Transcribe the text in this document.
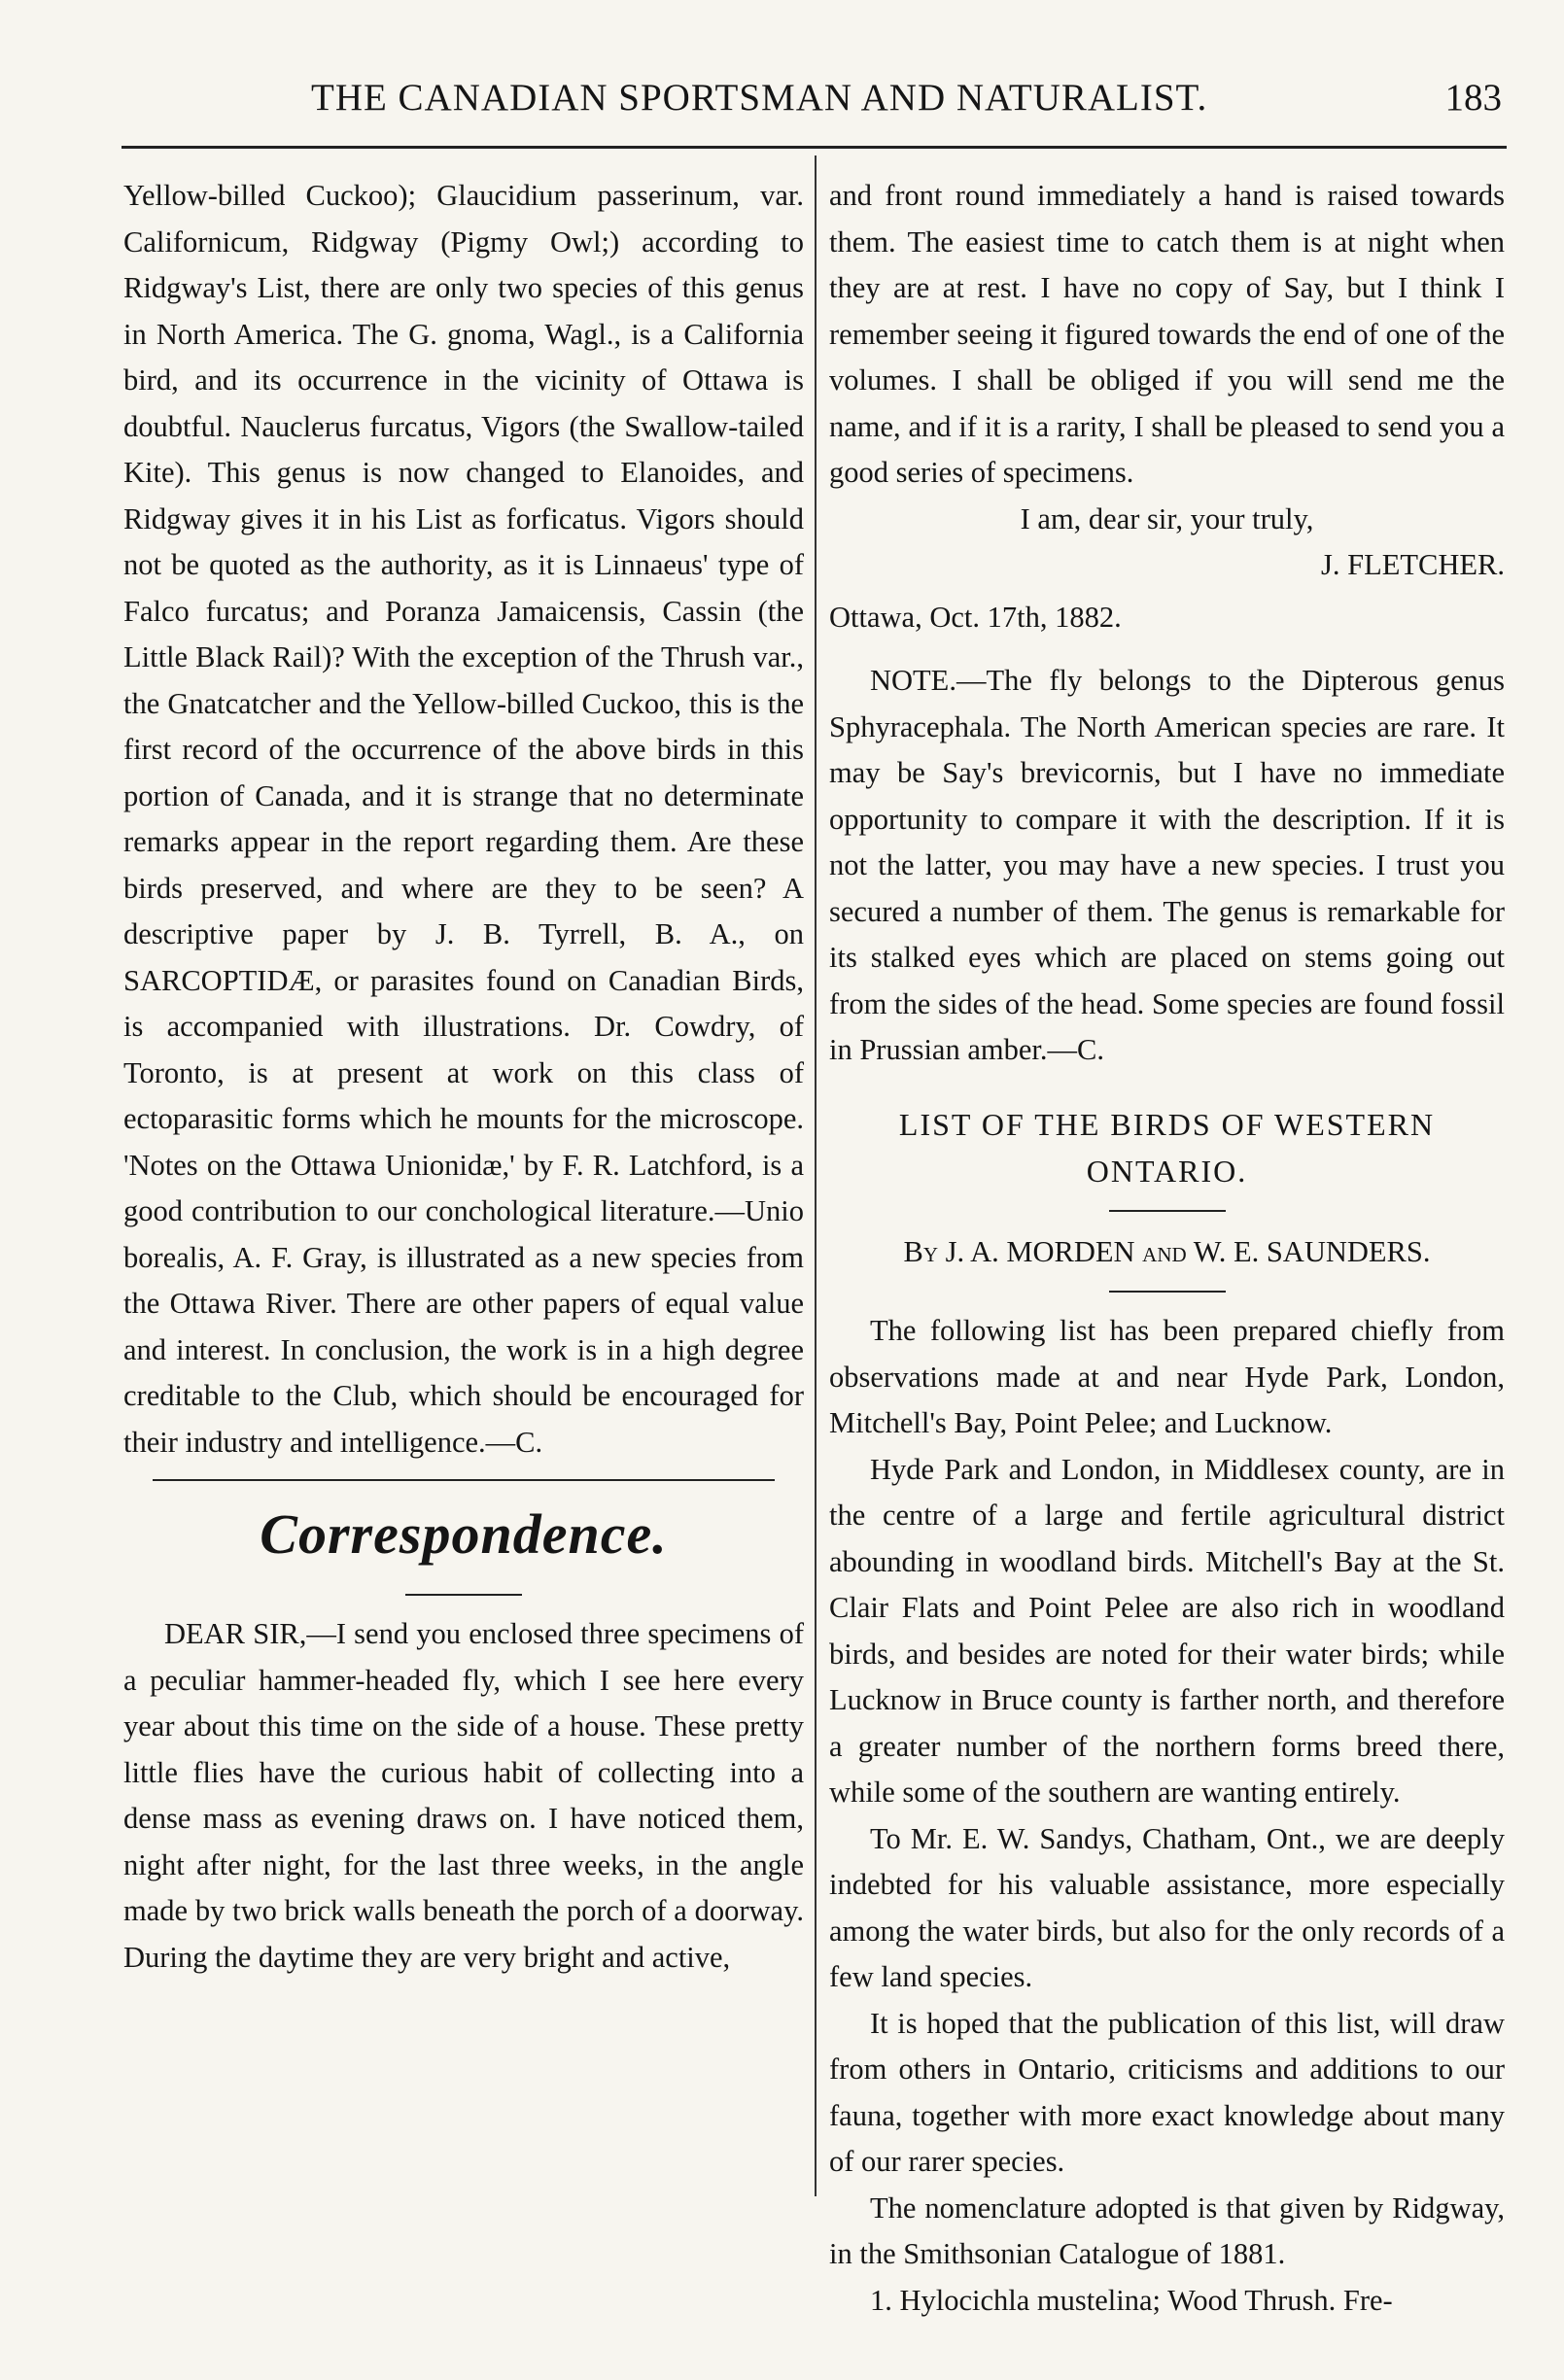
THE CANADIAN SPORTSMAN AND NATURALIST.	183

Yellow-billed Cuckoo); Glaucidium passerinum, var. Californicum, Ridgway (Pigmy Owl;) according to Ridgway's List, there are only two species of this genus in North America. The G. gnoma, Wagl., is a California bird, and its occurrence in the vicinity of Ottawa is doubtful. Nauclerus furcatus, Vigors (the Swallow-tailed Kite). This genus is now changed to Elanoides, and Ridgway gives it in his List as forficatus. Vigors should not be quoted as the authority, as it is Linnaeus' type of Falco furcatus; and Poranza Jamaicensis, Cassin (the Little Black Rail)? With the exception of the Thrush var., the Gnatcatcher and the Yellow-billed Cuckoo, this is the first record of the occurrence of the above birds in this portion of Canada, and it is strange that no determinate remarks appear in the report regarding them. Are these birds preserved, and where are they to be seen? A descriptive paper by J. B. Tyrrell, B. A., on SARCOPTIDÆ, or parasites found on Canadian Birds, is accompanied with illustrations. Dr. Cowdry, of Toronto, is at present at work on this class of ectoparasitic forms which he mounts for the microscope. 'Notes on the Ottawa Unionidæ,' by F. R. Latchford, is a good contribution to our conchological literature.—Unio borealis, A. F. Gray, is illustrated as a new species from the Ottawa River. There are other papers of equal value and interest. In conclusion, the work is in a high degree creditable to the Club, which should be encouraged for their industry and intelligence.—C.

Correspondence.

DEAR SIR,—I send you enclosed three specimens of a peculiar hammer-headed fly, which I see here every year about this time on the side of a house. These pretty little flies have the curious habit of collecting into a dense mass as evening draws on. I have noticed them, night after night, for the last three weeks, in the angle made by two brick walls beneath the porch of a doorway. During the daytime they are very bright and active,

and front round immediately a hand is raised towards them. The easiest time to catch them is at night when they are at rest. I have no copy of Say, but I think I remember seeing it figured towards the end of one of the volumes. I shall be obliged if you will send me the name, and if it is a rarity, I shall be pleased to send you a good series of specimens.

I am, dear sir, your truly,

J. FLETCHER.

Ottawa, Oct. 17th, 1882.

NOTE.—The fly belongs to the Dipterous genus Sphyracephala. The North American species are rare. It may be Say's brevicornis, but I have no immediate opportunity to compare it with the description. If it is not the latter, you may have a new species. I trust you secured a number of them. The genus is remarkable for its stalked eyes which are placed on stems going out from the sides of the head. Some species are found fossil in Prussian amber.—C.

LIST OF THE BIRDS OF WESTERN ONTARIO.
By J. A. MORDEN and W. E. SAUNDERS.

The following list has been prepared chiefly from observations made at and near Hyde Park, London, Mitchell's Bay, Point Pelee; and Lucknow.

Hyde Park and London, in Middlesex county, are in the centre of a large and fertile agricultural district abounding in woodland birds. Mitchell's Bay at the St. Clair Flats and Point Pelee are also rich in woodland birds, and besides are noted for their water birds; while Lucknow in Bruce county is farther north, and therefore a greater number of the northern forms breed there, while some of the southern are wanting entirely.

To Mr. E. W. Sandys, Chatham, Ont., we are deeply indebted for his valuable assistance, more especially among the water birds, but also for the only records of a few land species.

It is hoped that the publication of this list, will draw from others in Ontario, criticisms and additions to our fauna, together with more exact knowledge about many of our rarer species.

The nomenclature adopted is that given by Ridgway, in the Smithsonian Catalogue of 1881.

1. Hylocichla mustelina; Wood Thrush. Fre-
